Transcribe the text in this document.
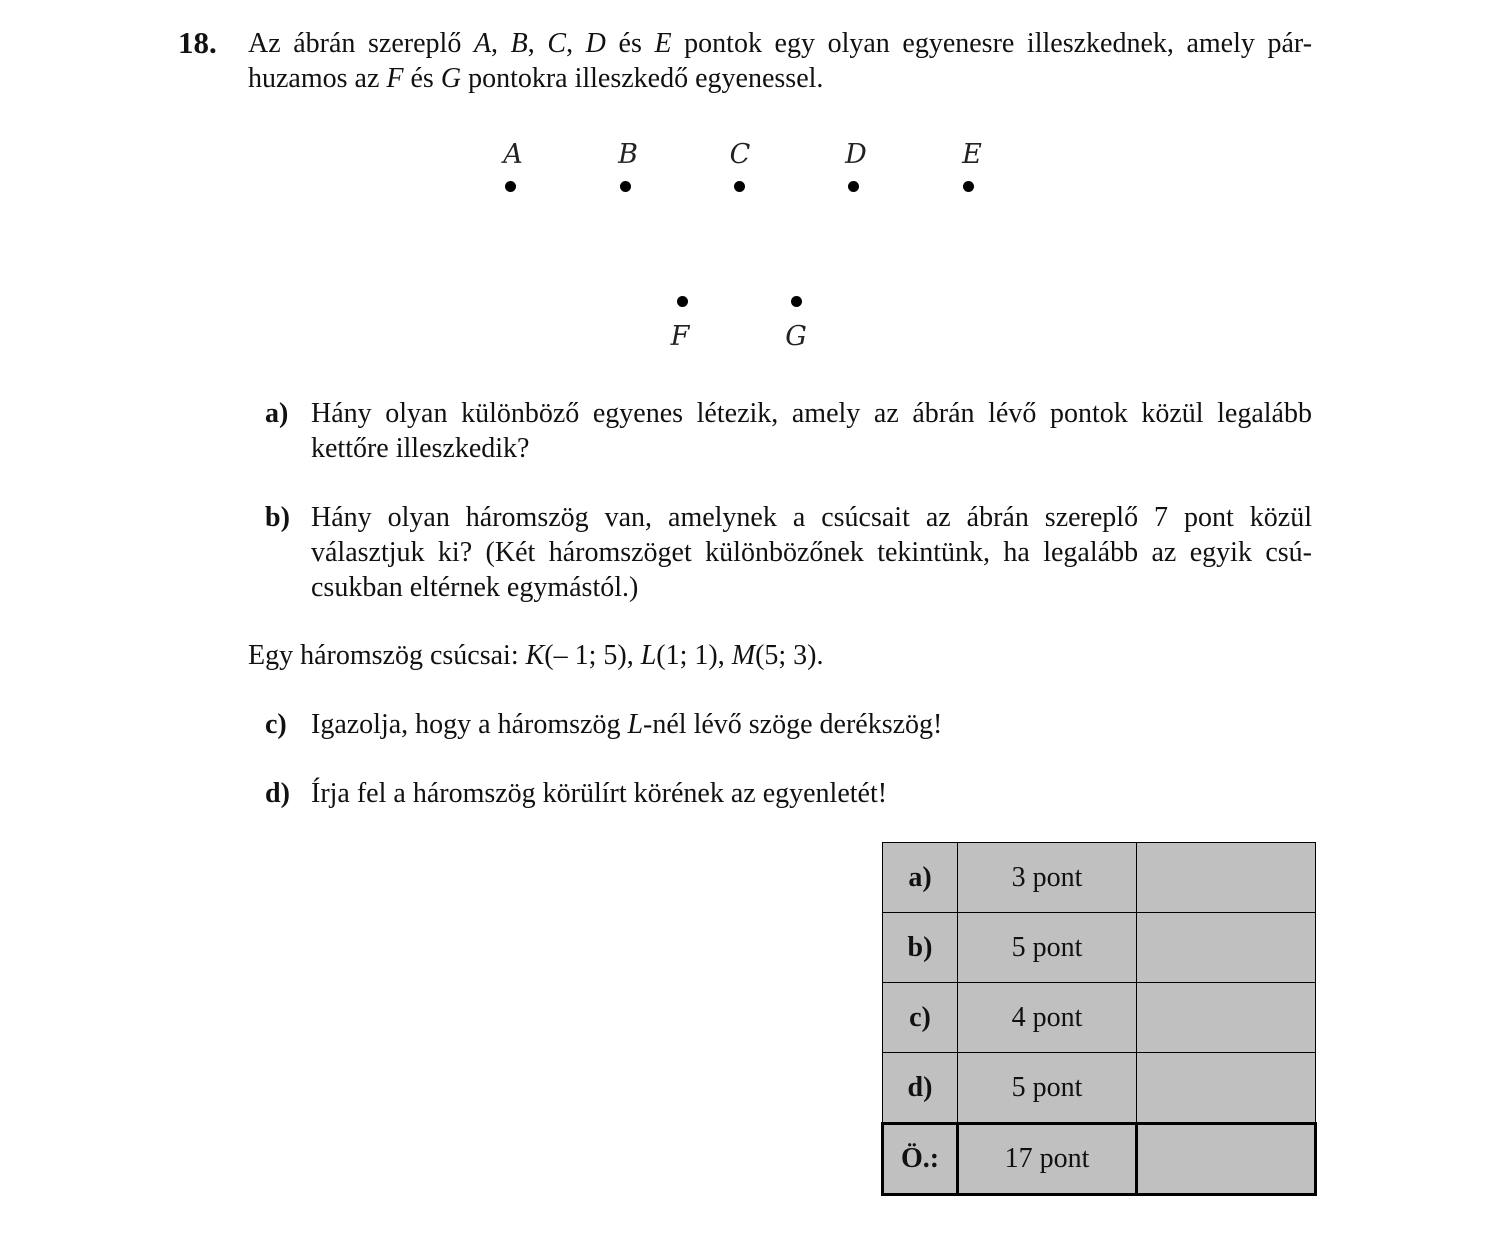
18. Az ábrán szereplő A, B, C, D és E pontok egy olyan egyenesre illeszkednek, amely pár-
huzamos az F és G pontokra illeszkedő egyenessel.
A	B	C	D	E
F	G
a) Hány olyan különböző egyenes létezik, amely az ábrán lévő pontok közül legalább
kettőre illeszkedik?
b) Hány olyan háromszög van, amelynek a csúcsait az ábrán szereplő 7 pont közül
választjuk ki? (Két háromszöget különbözőnek tekintünk, ha legalább az egyik csú-
csukban eltérnek egymástól.)
Egy háromszög csúcsai: K(– 1; 5), L(1; 1), M(5; 3).
c) Igazolja, hogy a háromszög L-nél lévő szöge derékszög!
d) Írja fel a háromszög körülírt körének az egyenletét!
a)	3 pont	
b)	5 pont	
c)	4 pont	
d)	5 pont	
Ö.:	17 pont	
